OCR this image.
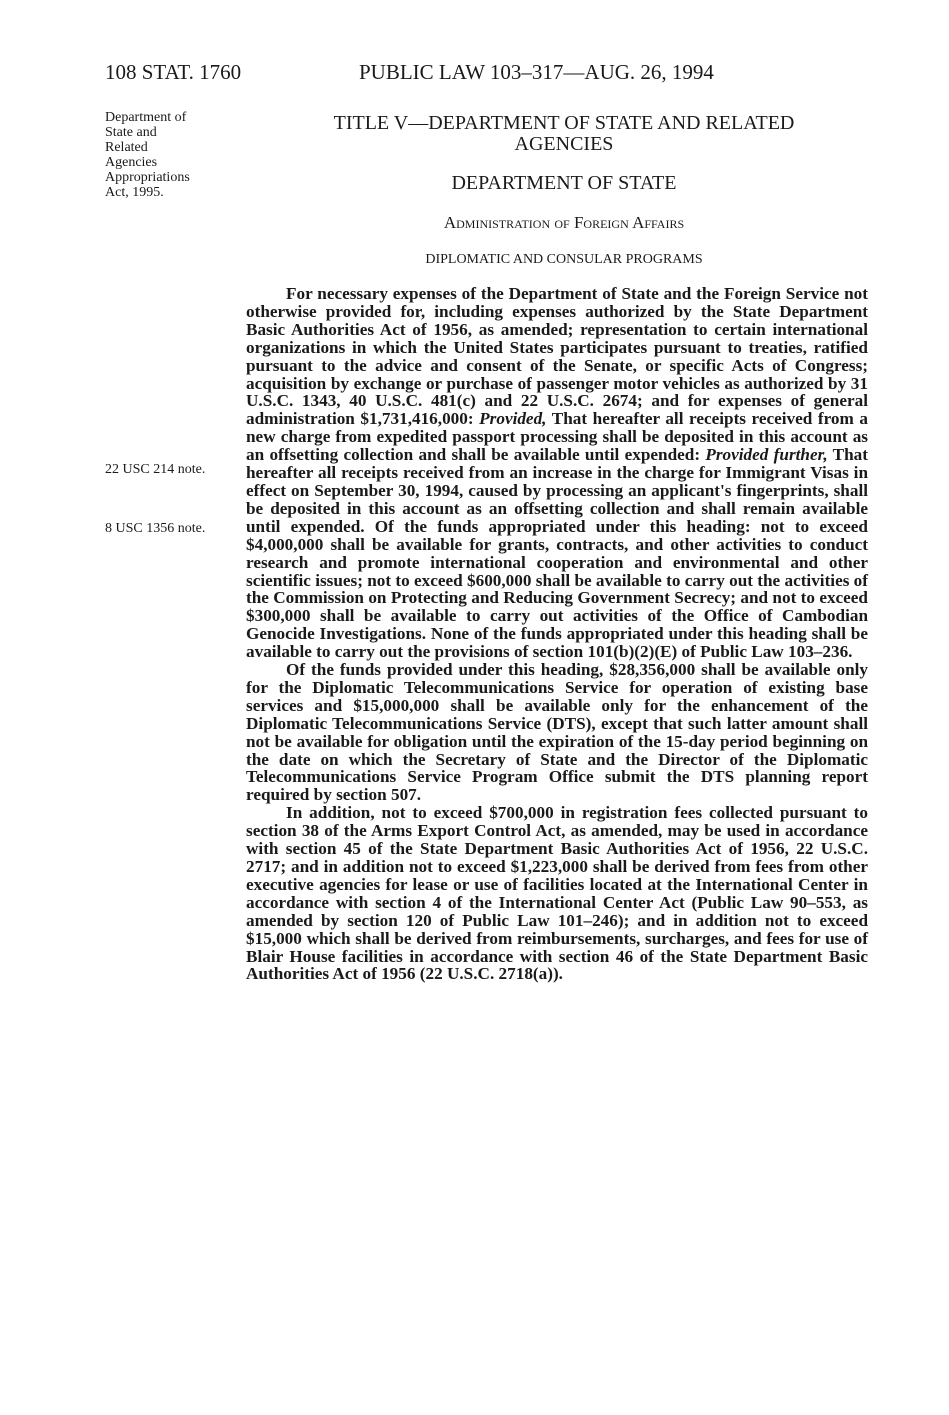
108 STAT. 1760	PUBLIC LAW 103–317—AUG. 26, 1994
Department of
State and
Related
Agencies
Appropriations
Act, 1995.
22 USC 214 note.
8 USC 1356 note.
TITLE V—DEPARTMENT OF STATE AND RELATED
AGENCIES
DEPARTMENT OF STATE
Administration of Foreign Affairs
DIPLOMATIC AND CONSULAR PROGRAMS

For necessary expenses of the Department of State and the Foreign Service not otherwise provided for, including expenses authorized by the State Department Basic Authorities Act of 1956, as amended; representation to certain international organizations in which the United States participates pursuant to treaties, ratified pursuant to the advice and consent of the Senate, or specific Acts of Congress; acquisition by exchange or purchase of passenger motor vehicles as authorized by 31 U.S.C. 1343, 40 U.S.C. 481(c) and 22 U.S.C. 2674; and for expenses of general administration $1,731,416,000: Provided, That hereafter all receipts received from a new charge from expedited passport processing shall be deposited in this account as an offsetting collection and shall be available until expended: Provided further, That hereafter all receipts received from an increase in the charge for Immigrant Visas in effect on September 30, 1994, caused by processing an applicant's fingerprints, shall be deposited in this account as an offsetting collection and shall remain available until expended. Of the funds appropriated under this heading: not to exceed $4,000,000 shall be available for grants, contracts, and other activities to conduct research and promote international cooperation and environmental and other scientific issues; not to exceed $600,000 shall be available to carry out the activities of the Commission on Protecting and Reducing Government Secrecy; and not to exceed $300,000 shall be available to carry out activities of the Office of Cambodian Genocide Investigations. None of the funds appropriated under this heading shall be available to carry out the provisions of section 101(b)(2)(E) of Public Law 103–236.

Of the funds provided under this heading, $28,356,000 shall be available only for the Diplomatic Telecommunications Service for operation of existing base services and $15,000,000 shall be available only for the enhancement of the Diplomatic Telecommunications Service (DTS), except that such latter amount shall not be available for obligation until the expiration of the 15-day period beginning on the date on which the Secretary of State and the Director of the Diplomatic Telecommunications Service Program Office submit the DTS planning report required by section 507.

In addition, not to exceed $700,000 in registration fees collected pursuant to section 38 of the Arms Export Control Act, as amended, may be used in accordance with section 45 of the State Department Basic Authorities Act of 1956, 22 U.S.C. 2717; and in addition not to exceed $1,223,000 shall be derived from fees from other executive agencies for lease or use of facilities located at the International Center in accordance with section 4 of the International Center Act (Public Law 90–553, as amended by section 120 of Public Law 101–246); and in addition not to exceed $15,000 which shall be derived from reimbursements, surcharges, and fees for use of Blair House facilities in accordance with section 46 of the State Department Basic Authorities Act of 1956 (22 U.S.C. 2718(a)).
